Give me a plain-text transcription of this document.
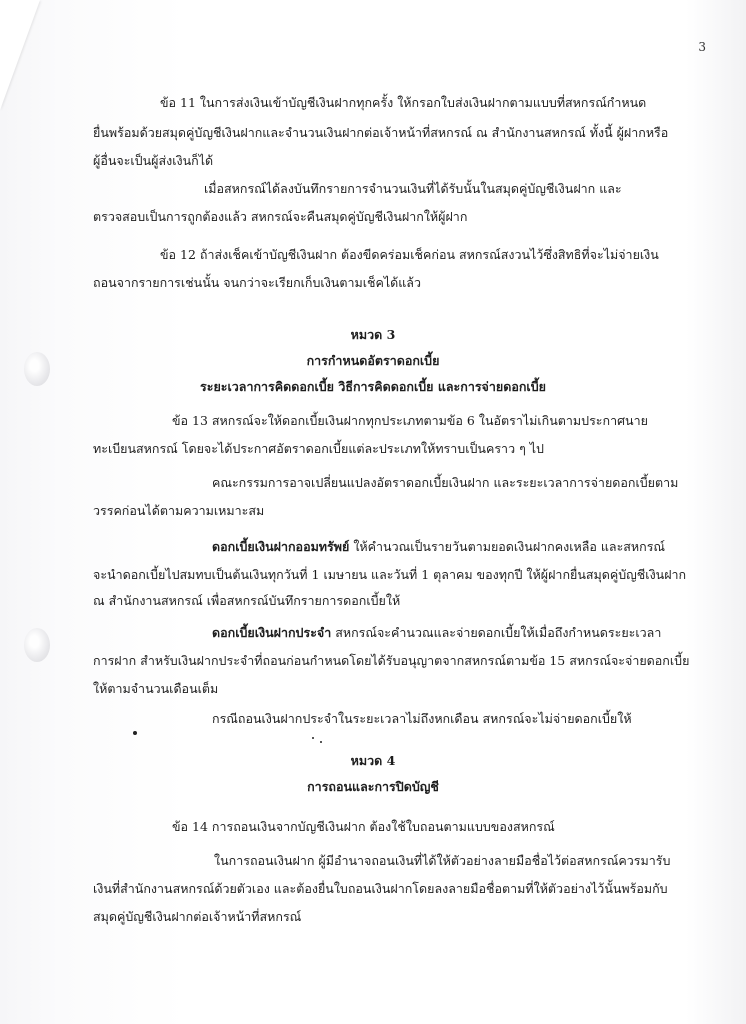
3
ข้อ 11 ในการส่งเงินเข้าบัญชีเงินฝากทุกครั้ง ให้กรอกใบส่งเงินฝากตามแบบที่สหกรณ์กำหนด
ยื่นพร้อมด้วยสมุดคู่บัญชีเงินฝากและจำนวนเงินฝากต่อเจ้าหน้าที่สหกรณ์ ณ สำนักงานสหกรณ์ ทั้งนี้ ผู้ฝากหรือ
ผู้อื่นจะเป็นผู้ส่งเงินก็ได้
เมื่อสหกรณ์ได้ลงบันทึกรายการจำนวนเงินที่ได้รับนั้นในสมุดคู่บัญชีเงินฝาก และ
ตรวจสอบเป็นการถูกต้องแล้ว สหกรณ์จะคืนสมุดคู่บัญชีเงินฝากให้ผู้ฝาก
ข้อ 12 ถ้าส่งเช็คเข้าบัญชีเงินฝาก ต้องขีดคร่อมเช็คก่อน สหกรณ์สงวนไว้ซึ่งสิทธิที่จะไม่จ่ายเงิน
ถอนจากรายการเช่นนั้น จนกว่าจะเรียกเก็บเงินตามเช็คได้แล้ว
หมวด 3
การกำหนดอัตราดอกเบี้ย
ระยะเวลาการคิดดอกเบี้ย วิธีการคิดดอกเบี้ย และการจ่ายดอกเบี้ย
ข้อ 13 สหกรณ์จะให้ดอกเบี้ยเงินฝากทุกประเภทตามข้อ 6 ในอัตราไม่เกินตามประกาศนาย
ทะเบียนสหกรณ์ โดยจะได้ประกาศอัตราดอกเบี้ยแต่ละประเภทให้ทราบเป็นคราว ๆ ไป
คณะกรรมการอาจเปลี่ยนแปลงอัตราดอกเบี้ยเงินฝาก และระยะเวลาการจ่ายดอกเบี้ยตาม
วรรคก่อนได้ตามความเหมาะสม
ดอกเบี้ยเงินฝากออมทรัพย์ ให้คำนวณเป็นรายวันตามยอดเงินฝากคงเหลือ และสหกรณ์
จะนำดอกเบี้ยไปสมทบเป็นต้นเงินทุกวันที่ 1 เมษายน และวันที่ 1 ตุลาคม ของทุกปี ให้ผู้ฝากยื่นสมุดคู่บัญชีเงินฝาก
ณ สำนักงานสหกรณ์ เพื่อสหกรณ์บันทึกรายการดอกเบี้ยให้
ดอกเบี้ยเงินฝากประจำ สหกรณ์จะคำนวณและจ่ายดอกเบี้ยให้เมื่อถึงกำหนดระยะเวลา
การฝาก สำหรับเงินฝากประจำที่ถอนก่อนกำหนดโดยได้รับอนุญาตจากสหกรณ์ตามข้อ 15 สหกรณ์จะจ่ายดอกเบี้ย
ให้ตามจำนวนเดือนเต็ม
กรณีถอนเงินฝากประจำในระยะเวลาไม่ถึงหกเดือน สหกรณ์จะไม่จ่ายดอกเบี้ยให้
หมวด 4
การถอนและการปิดบัญชี
ข้อ 14 การถอนเงินจากบัญชีเงินฝาก ต้องใช้ใบถอนตามแบบของสหกรณ์
ในการถอนเงินฝาก ผู้มีอำนาจถอนเงินที่ได้ให้ตัวอย่างลายมือชื่อไว้ต่อสหกรณ์ควรมารับ
เงินที่สำนักงานสหกรณ์ด้วยตัวเอง และต้องยื่นใบถอนเงินฝากโดยลงลายมือชื่อตามที่ให้ตัวอย่างไว้นั้นพร้อมกับ
สมุดคู่บัญชีเงินฝากต่อเจ้าหน้าที่สหกรณ์
